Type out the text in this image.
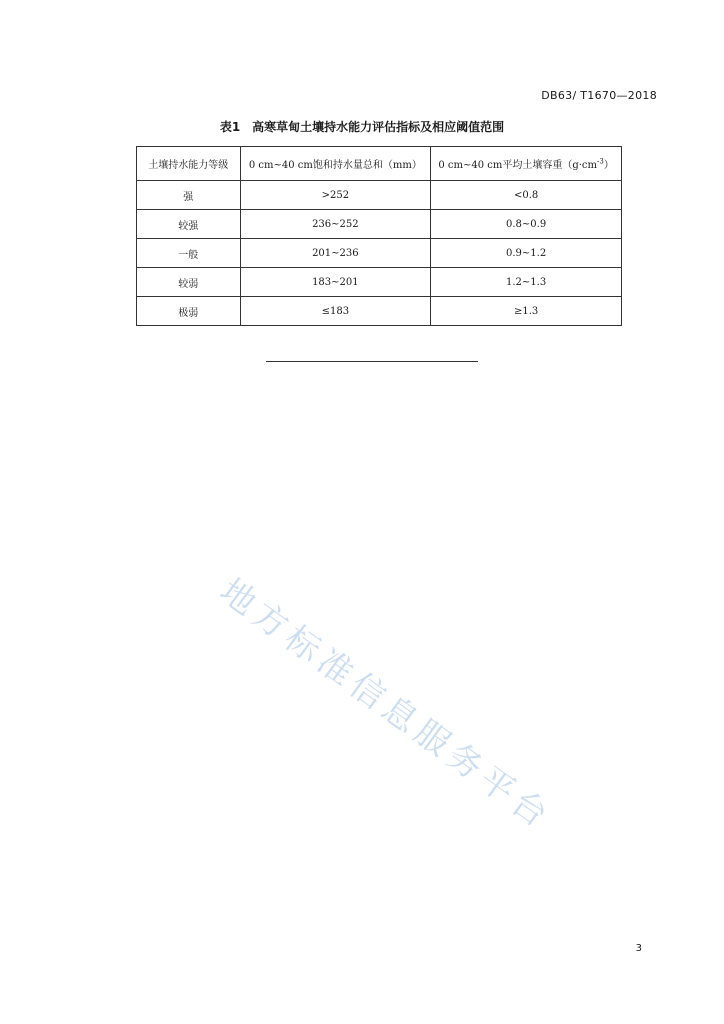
DB63/ T1670—2018
表1 高寒草甸土壤持水能力评估指标及相应阈值范围
土壤持水能力等级	0 cm~40 cm饱和持水量总和（mm）	0 cm~40 cm平均土壤容重$(g\cdot cm^{-3})$
强	>252	<0.8
较强	236~252	0.8~0.9
一般	201~236	0.9~1.2
较弱	183~201	1.2~1.3
极弱	≤183	≥1.3
地方标准信息服务平台
3
